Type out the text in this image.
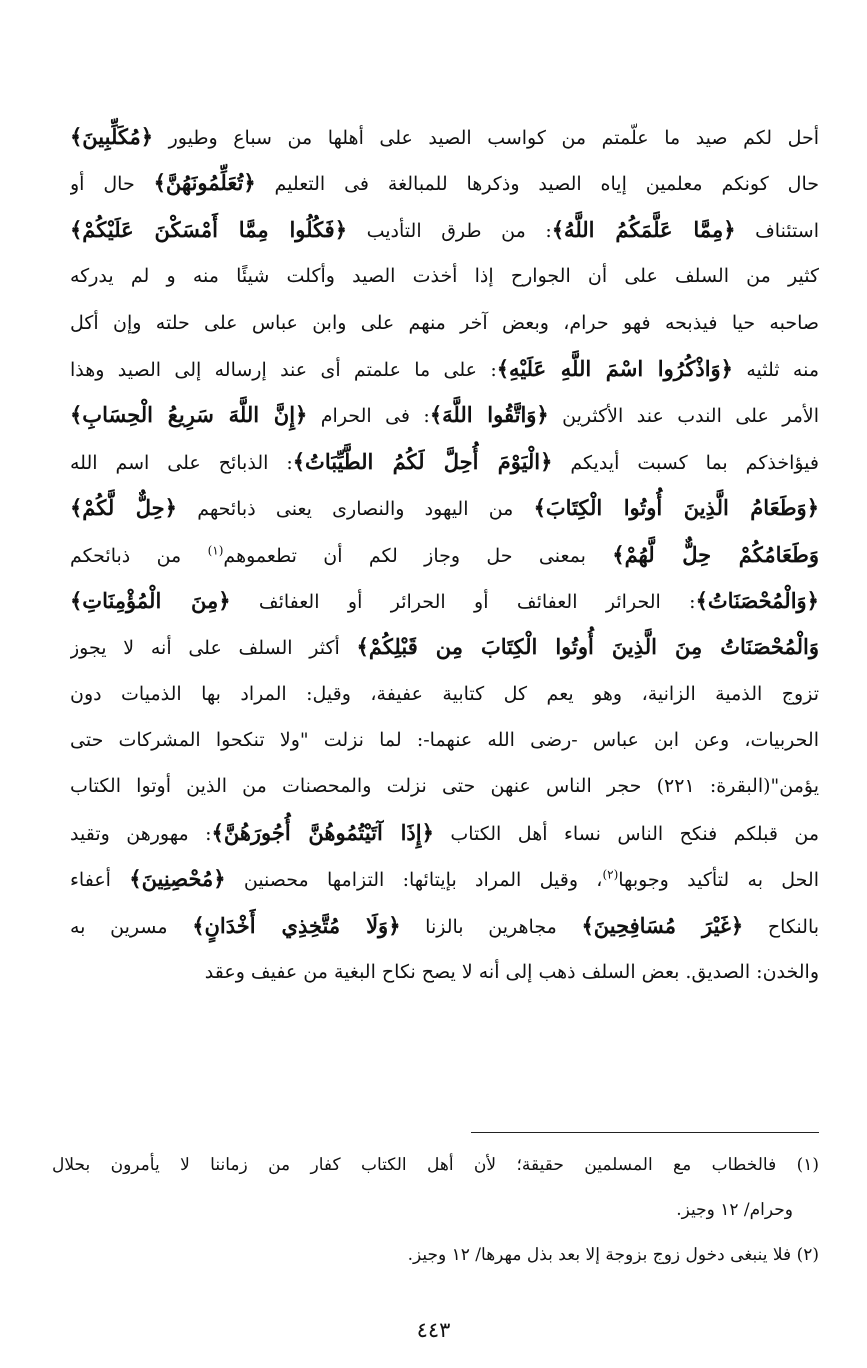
أحل لكم صيد ما علّمتم من كواسب الصيد على أهلها من سباع وطيور ﴿مُكَلِّبِينَ﴾
حال كونكم معلمين إياه الصيد وذكرها للمبالغة فى التعليم ﴿تُعَلِّمُونَهُنَّ﴾ حال أو
استئناف ﴿مِمَّا عَلَّمَكُمُ اللَّهُ﴾: من طرق التأديب ﴿فَكُلُوا مِمَّا أَمْسَكْنَ عَلَيْكُمْ﴾
كثير من السلف على أن الجوارح إذا أخذت الصيد وأكلت شيئًا منه و لم يدركه
صاحبه حيا فيذبحه فهو حرام، وبعض آخر منهم على وابن عباس على حلته وإن أكل
منه ثلثيه ﴿وَاذْكُرُوا اسْمَ اللَّهِ عَلَيْهِ﴾: على ما علمتم أى عند إرساله إلى الصيد وهذا
الأمر على الندب عند الأكثرين ﴿وَاتَّقُوا اللَّهَ﴾: فى الحرام ﴿إِنَّ اللَّهَ سَرِيعُ الْحِسَابِ﴾
فيؤاخذكم بما كسبت أيديكم ﴿الْيَوْمَ أُحِلَّ لَكُمُ الطَّيِّبَاتُ﴾: الذبائح على اسم الله
﴿وَطَعَامُ الَّذِينَ أُوتُوا الْكِتَابَ﴾ من اليهود والنصارى يعنى ذبائحهم ﴿حِلٌّ لَّكُمْ﴾
وَطَعَامُكُمْ حِلٌّ لَّهُمْ﴾ بمعنى حل وجاز لكم أن تطعموهم$^{(١)}$ من ذبائحكم
﴿وَالْمُحْصَنَاتُ﴾: الحرائر العفائف أو الحرائر أو العفائف ﴿مِنَ الْمُؤْمِنَاتِ﴾
وَالْمُحْصَنَاتُ مِنَ الَّذِينَ أُوتُوا الْكِتَابَ مِن قَبْلِكُمْ﴾ أكثر السلف على أنه لا يجوز
تزوج الذمية الزانية، وهو يعم كل كتابية عفيفة، وقيل: المراد بها الذميات دون
الحربيات، وعن ابن عباس -رضى الله عنهما-: لما نزلت "ولا تنكحوا المشركات حتى
يؤمن"(البقرة: ٢٢١) حجر الناس عنهن حتى نزلت والمحصنات من الذين أوتوا الكتاب
من قبلكم فنكح الناس نساء أهل الكتاب ﴿إِذَا آتَيْتُمُوهُنَّ أُجُورَهُنَّ﴾: مهورهن وتقيد
الحل به لتأكيد وجوبها$^{(٢)}$، وقيل المراد بإيتائها: التزامها محصنين ﴿مُحْصِنِينَ﴾ أعفاء
بالنكاح ﴿غَيْرَ مُسَافِحِينَ﴾ مجاهرين بالزنا ﴿وَلَا مُتَّخِذِي أَخْدَانٍ﴾ مسرين به
والخدن: الصديق. بعض السلف ذهب إلى أنه لا يصح نكاح البغية من عفيف وعقد
(١) فالخطاب مع المسلمين حقيقة؛ لأن أهل الكتاب كفار من زماننا لا يأمرون بحلال
وحرام/ ١٢ وجيز.
(٢) فلا ينبغى دخول زوج بزوجة إلا بعد بذل مهرها/ ١٢ وجيز.
٤٤٣
